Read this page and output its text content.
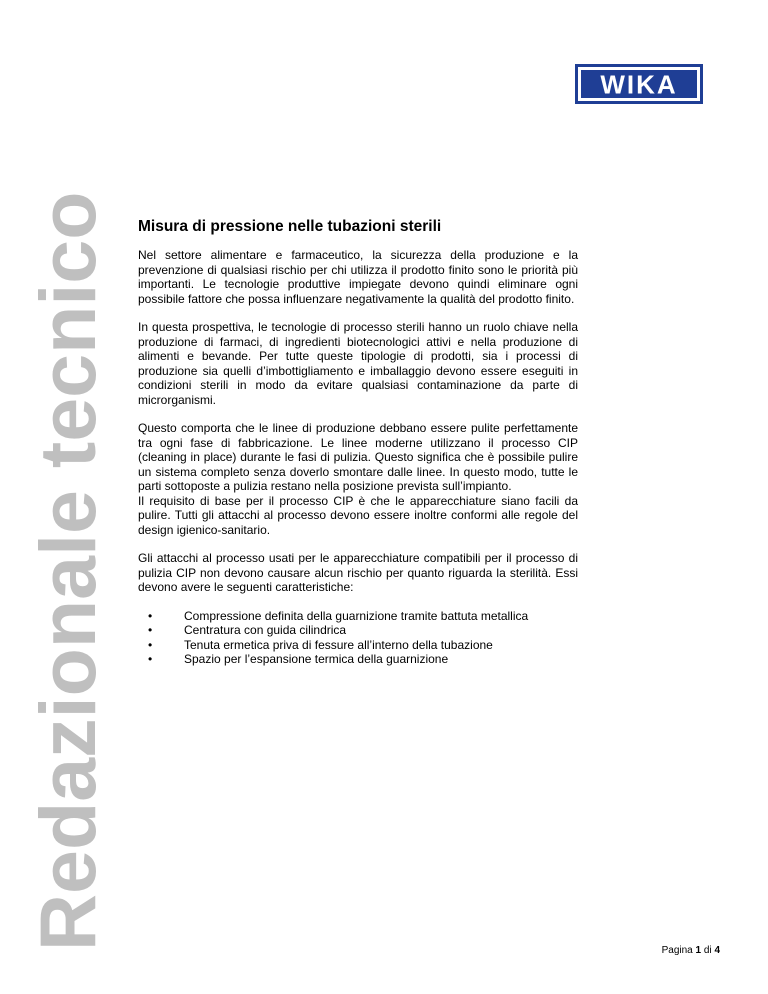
Redazionale tecnico
WIKA
Misura di pressione nelle tubazioni sterili

Nel settore alimentare e farmaceutico, la sicurezza della produzione e la prevenzione di qualsiasi rischio per chi utilizza il prodotto finito sono le priorità più importanti. Le tecnologie produttive impiegate devono quindi eliminare ogni possibile fattore che possa influenzare negativamente la qualità del prodotto finito.

In questa prospettiva, le tecnologie di processo sterili hanno un ruolo chiave nella produzione di farmaci, di ingredienti biotecnologici attivi e nella produzione di alimenti e bevande. Per tutte queste tipologie di prodotti, sia i processi di produzione sia quelli d’imbottigliamento e imballaggio devono essere eseguiti in condizioni sterili in modo da evitare qualsiasi contaminazione da parte di microrganismi.

Questo comporta che le linee di produzione debbano essere pulite perfettamente tra ogni fase di fabbricazione. Le linee moderne utilizzano il processo CIP (cleaning in place) durante le fasi di pulizia. Questo significa che è possibile pulire un sistema completo senza doverlo smontare dalle linee. In questo modo, tutte le parti sottoposte a pulizia restano nella posizione prevista sull’impianto.

Il requisito di base per il processo CIP è che le apparecchiature siano facili da pulire. Tutti gli attacchi al processo devono essere inoltre conformi alle regole del design igienico-sanitario.

Gli attacchi al processo usati per le apparecchiature compatibili per il processo di pulizia CIP non devono causare alcun rischio per quanto riguarda la sterilità. Essi devono avere le seguenti caratteristiche:

•	Compressione definita della guarnizione tramite battuta metallica
•	Centratura con guida cilindrica
•	Tenuta ermetica priva di fessure all’interno della tubazione
•	Spazio per l’espansione termica della guarnizione
Pagina 1 di 4
